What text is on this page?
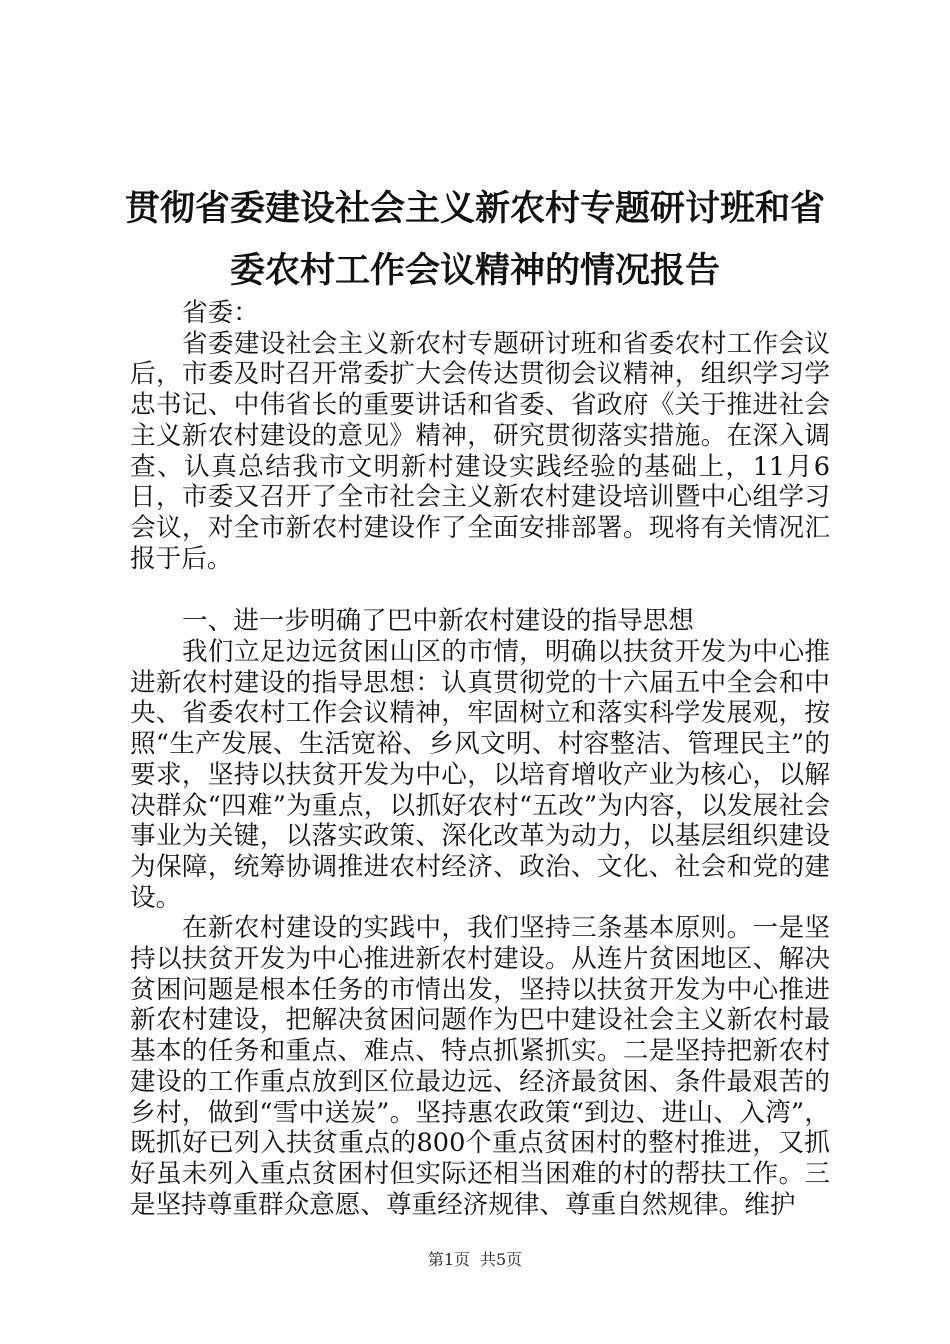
贯彻省委建设社会主义新农村专题研讨班和省
委农村工作会议精神的情况报告

省委：

省委建设社会主义新农村专题研讨班和省委农村工作会议后，市委及时召开常委扩大会传达贯彻会议精神，组织学习学忠书记、中伟省长的重要讲话和省委、省政府《关于推进社会主义新农村建设的意见》精神，研究贯彻落实措施。在深入调查、认真总结我市文明新村建设实践经验的基础上，11月6日，市委又召开了全市社会主义新农村建设培训暨中心组学习会议，对全市新农村建设作了全面安排部署。现将有关情况汇报于后。

一、进一步明确了巴中新农村建设的指导思想

我们立足边远贫困山区的市情，明确以扶贫开发为中心推进新农村建设的指导思想：认真贯彻党的十六届五中全会和中央、省委农村工作会议精神，牢固树立和落实科学发展观，按照“生产发展、生活宽裕、乡风文明、村容整洁、管理民主”的要求，坚持以扶贫开发为中心，以培育增收产业为核心，以解决群众“四难”为重点，以抓好农村“五改”为内容，以发展社会事业为关键，以落实政策、深化改革为动力，以基层组织建设为保障，统筹协调推进农村经济、政治、文化、社会和党的建设。

在新农村建设的实践中，我们坚持三条基本原则。一是坚持以扶贫开发为中心推进新农村建设。从连片贫困地区、解决贫困问题是根本任务的市情出发，坚持以扶贫开发为中心推进新农村建设，把解决贫困问题作为巴中建设社会主义新农村最基本的任务和重点、难点、特点抓紧抓实。二是坚持把新农村建设的工作重点放到区位最边远、经济最贫困、条件最艰苦的乡村，做到“雪中送炭”。坚持惠农政策“到边、进山、入湾”，既抓好已列入扶贫重点的800个重点贫困村的整村推进，又抓好虽未列入重点贫困村但实际还相当困难的村的帮扶工作。三是坚持尊重群众意愿、尊重经济规律、尊重自然规律。维护

第1页 共5页
